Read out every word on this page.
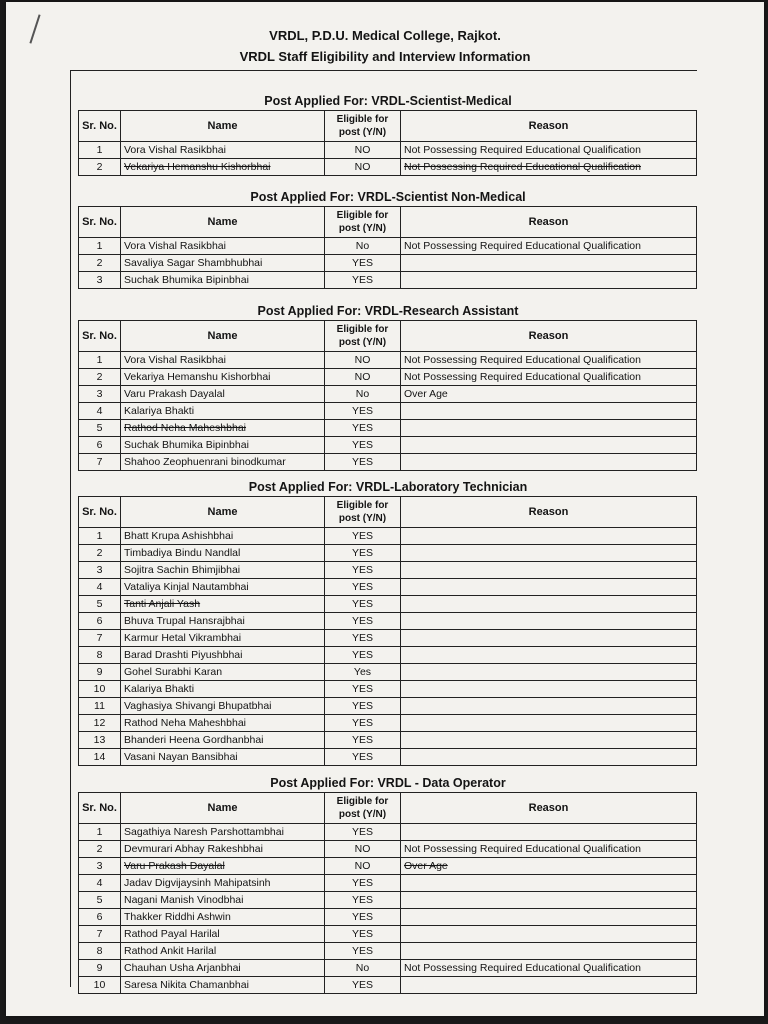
VRDL, P.D.U. Medical College, Rajkot.
VRDL Staff Eligibility and Interview Information
Post Applied For: VRDL-Scientist-Medical
Sr. No.	Name	Eligible for post (Y/N)	Reason
1	Vora Vishal Rasikbhai	NO	Not Possessing Required Educational Qualification
2	Vekariya Hemanshu Kishorbhai	NO	Not Possessing Required Educational Qualification
Post Applied For: VRDL-Scientist Non-Medical
Sr. No.	Name	Eligible for post (Y/N)	Reason
1	Vora Vishal Rasikbhai	No	Not Possessing Required Educational Qualification
2	Savaliya Sagar Shambhubhai	YES	
3	Suchak Bhumika Bipinbhai	YES	
Post Applied For: VRDL-Research Assistant
Sr. No.	Name	Eligible for post (Y/N)	Reason
1	Vora Vishal Rasikbhai	NO	Not Possessing Required Educational Qualification
2	Vekariya Hemanshu Kishorbhai	NO	Not Possessing Required Educational Qualification
3	Varu Prakash Dayalal	No	Over Age
4	Kalariya Bhakti	YES	
5	Rathod Neha Maheshbhai	YES	
6	Suchak Bhumika Bipinbhai	YES	
7	Shahoo Zeophuenrani binodkumar	YES	
Post Applied For: VRDL-Laboratory Technician
Sr. No.	Name	Eligible for post (Y/N)	Reason
1	Bhatt Krupa Ashishbhai	YES	
2	Timbadiya Bindu Nandlal	YES	
3	Sojitra Sachin Bhimjibhai	YES	
4	Vataliya Kinjal Nautambhai	YES	
5	Tanti Anjali Yash	YES	
6	Bhuva Trupal Hansrajbhai	YES	
7	Karmur Hetal Vikrambhai	YES	
8	Barad Drashti Piyushbhai	YES	
9	Gohel Surabhi Karan	Yes	
10	Kalariya Bhakti	YES	
11	Vaghasiya Shivangi Bhupatbhai	YES	
12	Rathod Neha Maheshbhai	YES	
13	Bhanderi Heena Gordhanbhai	YES	
14	Vasani Nayan Bansibhai	YES	
Post Applied For: VRDL - Data Operator
Sr. No.	Name	Eligible for post (Y/N)	Reason
1	Sagathiya Naresh Parshottambhai	YES	
2	Devmurari Abhay Rakeshbhai	NO	Not Possessing Required Educational Qualification
3	Varu Prakash Dayalal	NO	Over Age
4	Jadav Digvijaysinh Mahipatsinh	YES	
5	Nagani Manish Vinodbhai	YES	
6	Thakker Riddhi Ashwin	YES	
7	Rathod Payal Harilal	YES	
8	Rathod Ankit Harilal	YES	
9	Chauhan Usha Arjanbhai	No	Not Possessing Required Educational Qualification
10	Saresa Nikita Chamanbhai	YES	
